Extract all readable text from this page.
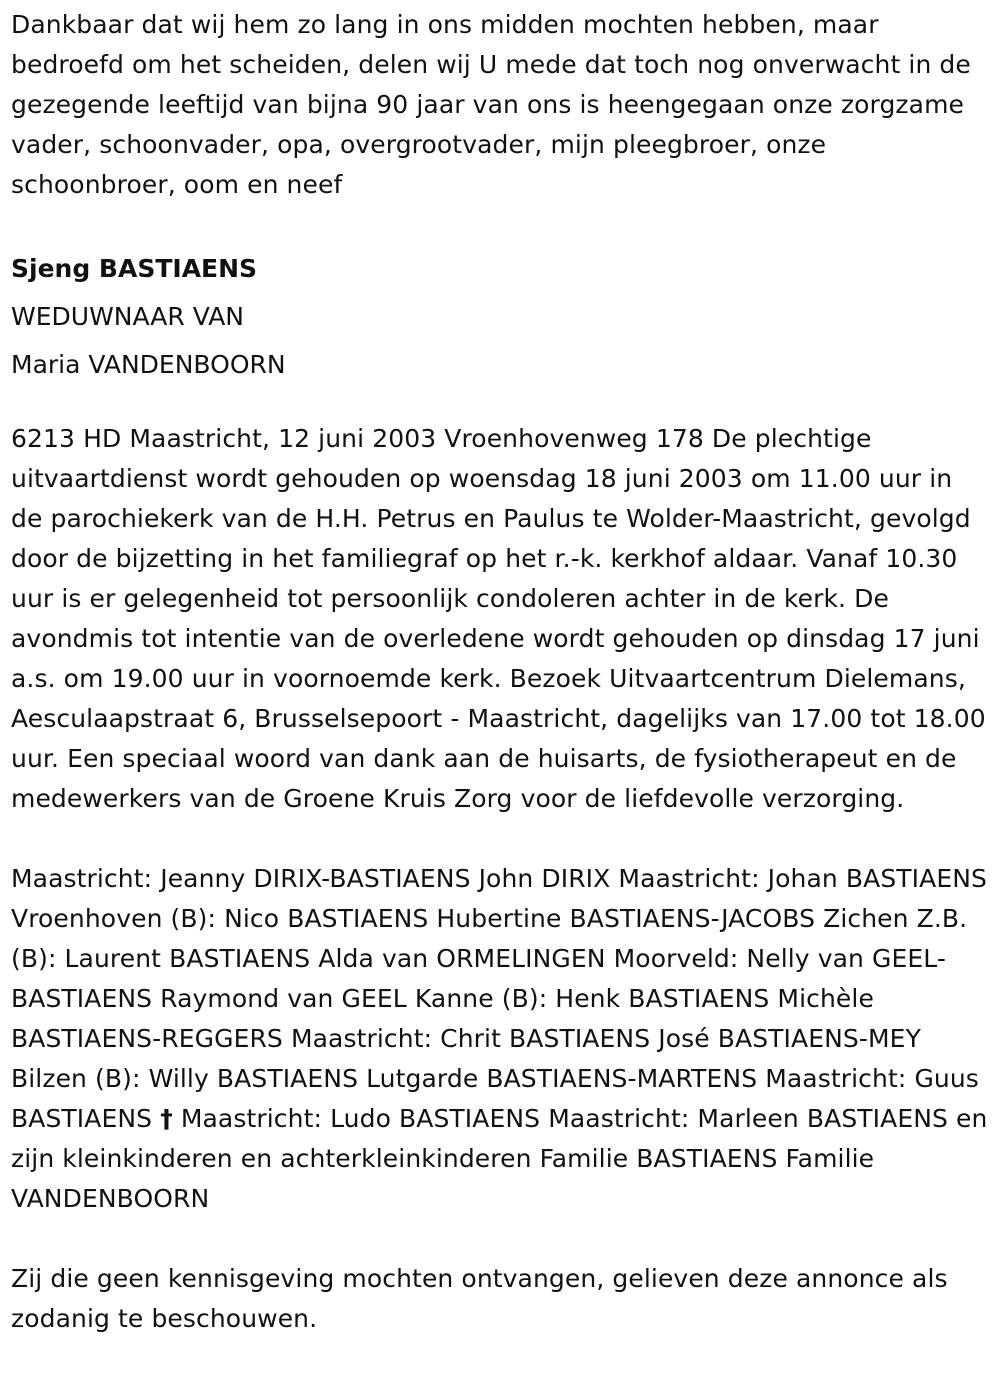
Dankbaar dat wij hem zo lang in ons midden mochten hebben, maar bedroefd om het scheiden, delen wij U mede dat toch nog onverwacht in de gezegende leeftijd van bijna 90 jaar van ons is heengegaan onze zorgzame vader, schoonvader, opa, overgrootvader, mijn pleegbroer, onze schoonbroer, oom en neef

Sjeng BASTIAENS

WEDUWNAAR VAN

Maria VANDENBOORN

6213 HD Maastricht, 12 juni 2003 Vroenhovenweg 178 De plechtige uitvaartdienst wordt gehouden op woensdag 18 juni 2003 om 11.00 uur in de parochiekerk van de H.H. Petrus en Paulus te Wolder-Maastricht, gevolgd door de bijzetting in het familiegraf op het r.-k. kerkhof aldaar. Vanaf 10.30 uur is er gelegenheid tot persoonlijk condoleren achter in de kerk. De avondmis tot intentie van de overledene wordt gehouden op dinsdag 17 juni a.s. om 19.00 uur in voornoemde kerk. Bezoek Uitvaartcentrum Dielemans, Aesculaapstraat 6, Brusselsepoort - Maastricht, dagelijks van 17.00 tot 18.00 uur. Een speciaal woord van dank aan de huisarts, de fysiotherapeut en de medewerkers van de Groene Kruis Zorg voor de liefdevolle verzorging.

Maastricht: Jeanny DIRIX-BASTIAENS John DIRIX Maastricht: Johan BASTIAENS Vroenhoven (B): Nico BASTIAENS Hubertine BASTIAENS-JACOBS Zichen Z.B. (B): Laurent BASTIAENS Alda van ORMELINGEN Moorveld: Nelly van GEEL-BASTIAENS Raymond van GEEL Kanne (B): Henk BASTIAENS Michèle BASTIAENS-REGGERS Maastricht: Chrit BASTIAENS José BASTIAENS-MEY Bilzen (B): Willy BASTIAENS Lutgarde BASTIAENS-MARTENS Maastricht: Guus BASTIAENS † Maastricht: Ludo BASTIAENS Maastricht: Marleen BASTIAENS en zijn kleinkinderen en achterkleinkinderen Familie BASTIAENS Familie VANDENBOORN

Zij die geen kennisgeving mochten ontvangen, gelieven deze annonce als zodanig te beschouwen.
